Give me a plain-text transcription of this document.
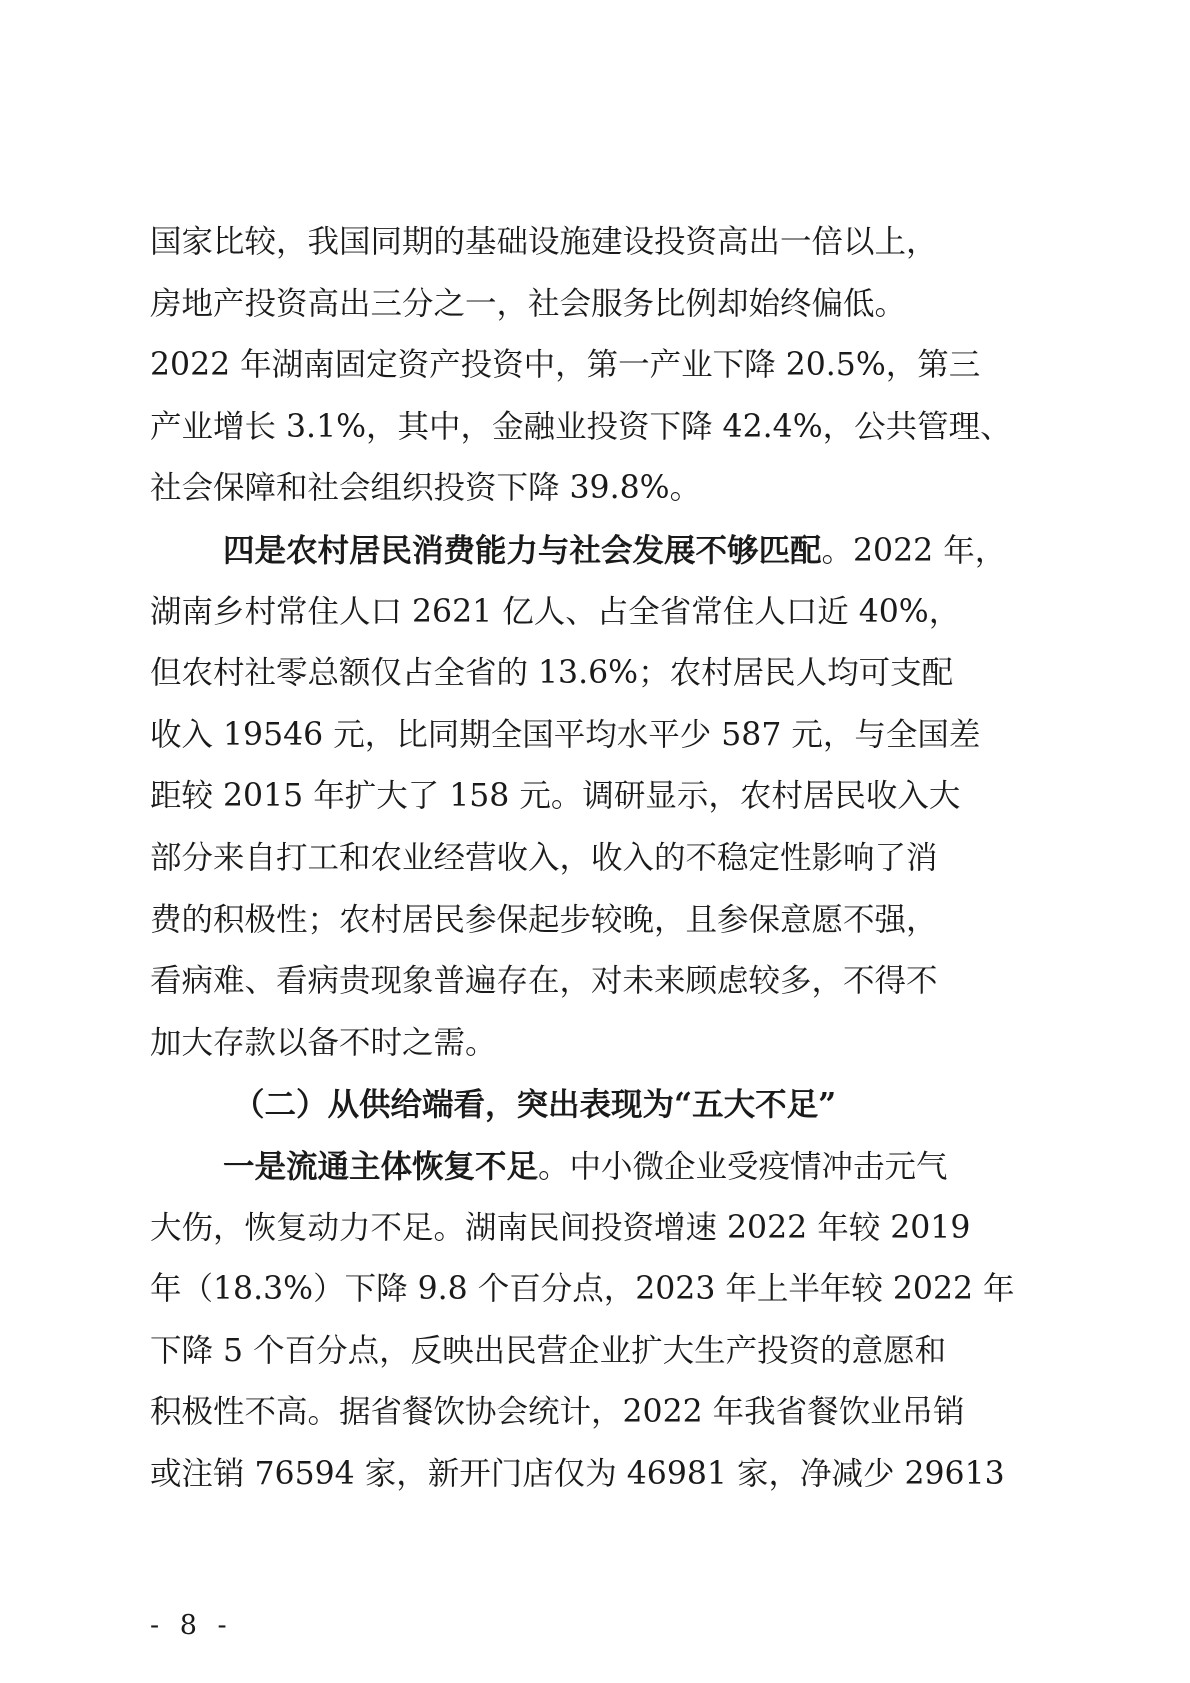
国家比较，我国同期的基础设施建设投资高出一倍以上，
房地产投资高出三分之一，社会服务比例却始终偏低。
2022 年湖南固定资产投资中，第一产业下降 20.5%，第三
产业增长 3.1%，其中，金融业投资下降 42.4%，公共管理、
社会保障和社会组织投资下降 39.8%。
四是农村居民消费能力与社会发展不够匹配。2022 年，
湖南乡村常住人口 2621 亿人、占全省常住人口近 40%，
但农村社零总额仅占全省的 13.6%；农村居民人均可支配
收入 19546 元，比同期全国平均水平少 587 元，与全国差
距较 2015 年扩大了 158 元。调研显示，农村居民收入大
部分来自打工和农业经营收入，收入的不稳定性影响了消
费的积极性；农村居民参保起步较晚，且参保意愿不强，
看病难、看病贵现象普遍存在，对未来顾虑较多，不得不
加大存款以备不时之需。
（二）从供给端看，突出表现为“五大不足”
一是流通主体恢复不足。中小微企业受疫情冲击元气
大伤，恢复动力不足。湖南民间投资增速 2022 年较 2019
年（18.3%）下降 9.8 个百分点，2023 年上半年较 2022 年
下降 5 个百分点，反映出民营企业扩大生产投资的意愿和
积极性不高。据省餐饮协会统计，2022 年我省餐饮业吊销
或注销 76594 家，新开门店仅为 46981 家，净减少 29613
- 8 -
